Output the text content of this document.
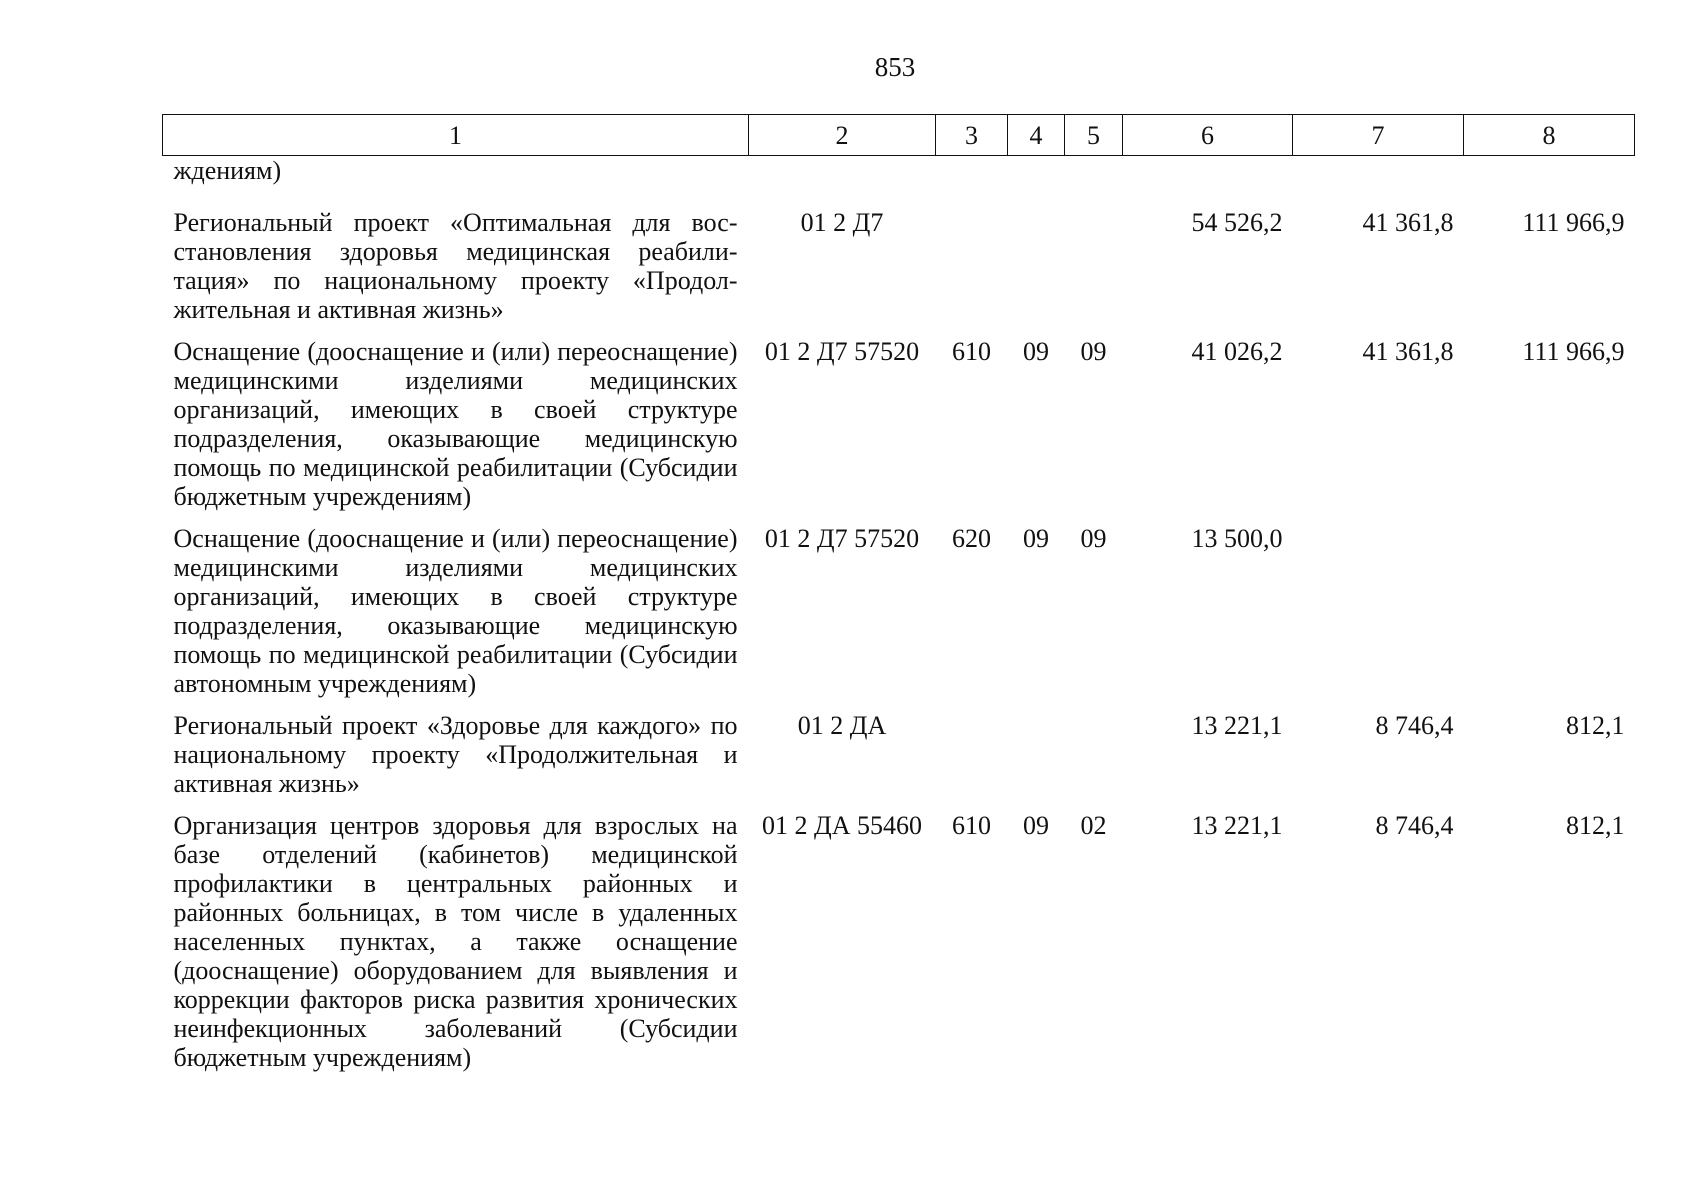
853
1	2	3	4	5	6	7	8
ждениям)							
Региональный проект «Оптимальная для восстановления здоровья медицинская реабилитация» по национальному проекту «Продолжительная и активная жизнь»	01 2 Д7				54 526,2	41 361,8	111 966,9
Оснащение (дооснащение и (или) переоснащение) медицинскими изделиями медицинских организаций, имеющих в своей структуре подразделения, оказывающие медицинскую помощь по медицинской реабилитации (Субсидии бюджетным учреждениям)	01 2 Д7 57520	610	09	09	41 026,2	41 361,8	111 966,9
Оснащение (дооснащение и (или) переоснащение) медицинскими изделиями медицинских организаций, имеющих в своей структуре подразделения, оказывающие медицинскую помощь по медицинской реабилитации (Субсидии автономным учреждениям)	01 2 Д7 57520	620	09	09	13 500,0		
Региональный проект «Здоровье для каждого» по национальному проекту «Продолжительная и активная жизнь»	01 2 ДА				13 221,1	8 746,4	812,1
Организация центров здоровья для взрослых на базе отделений (кабинетов) медицинской профилактики в центральных районных и районных больницах, в том числе в удаленных населенных пунктах, а также оснащение (дооснащение) оборудованием для выявления и коррекции факторов риска развития хронических неинфекционных заболеваний (Субсидии бюджетным учреждениям)	01 2 ДА 55460	610	09	02	13 221,1	8 746,4	812,1
